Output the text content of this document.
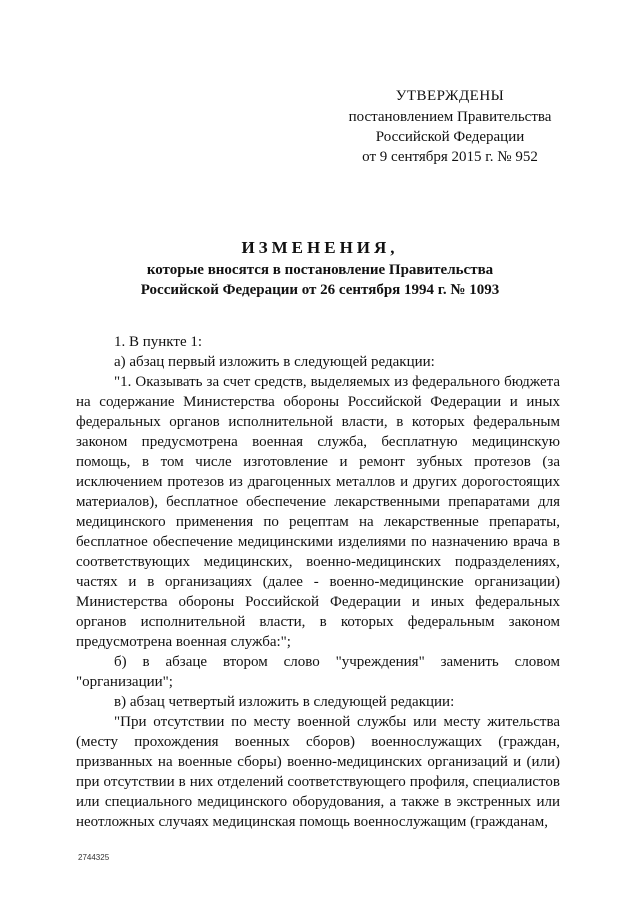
УТВЕРЖДЕНЫ
постановлением Правительства
Российской Федерации
от 9 сентября 2015 г. № 952
ИЗМЕНЕНИЯ,
которые вносятся в постановление Правительства
Российской Федерации от 26 сентября 1994 г. № 1093

1. В пункте 1:

а) абзац первый изложить в следующей редакции:

"1. Оказывать за счет средств, выделяемых из федерального бюджета на содержание Министерства обороны Российской Федерации и иных федеральных органов исполнительной власти, в которых федеральным законом предусмотрена военная служба, бесплатную медицинскую помощь, в том числе изготовление и ремонт зубных протезов (за исключением протезов из драгоценных металлов и других дорогостоящих материалов), бесплатное обеспечение лекарственными препаратами для медицинского применения по рецептам на лекарственные препараты, бесплатное обеспечение медицинскими изделиями по назначению врача в соответствующих медицинских, военно-медицинских подразделениях, частях и в организациях (далее - военно-медицинские организации) Министерства обороны Российской Федерации и иных федеральных органов исполнительной власти, в которых федеральным законом предусмотрена военная служба:";

б) в абзаце втором слово "учреждения" заменить словом "организации";

в) абзац четвертый изложить в следующей редакции:

"При отсутствии по месту военной службы или месту жительства (месту прохождения военных сборов) военнослужащих (граждан, призванных на военные сборы) военно-медицинских организаций и (или) при отсутствии в них отделений соответствующего профиля, специалистов или специального медицинского оборудования, а также в экстренных или неотложных случаях медицинская помощь военнослужащим (гражданам,

2744325
